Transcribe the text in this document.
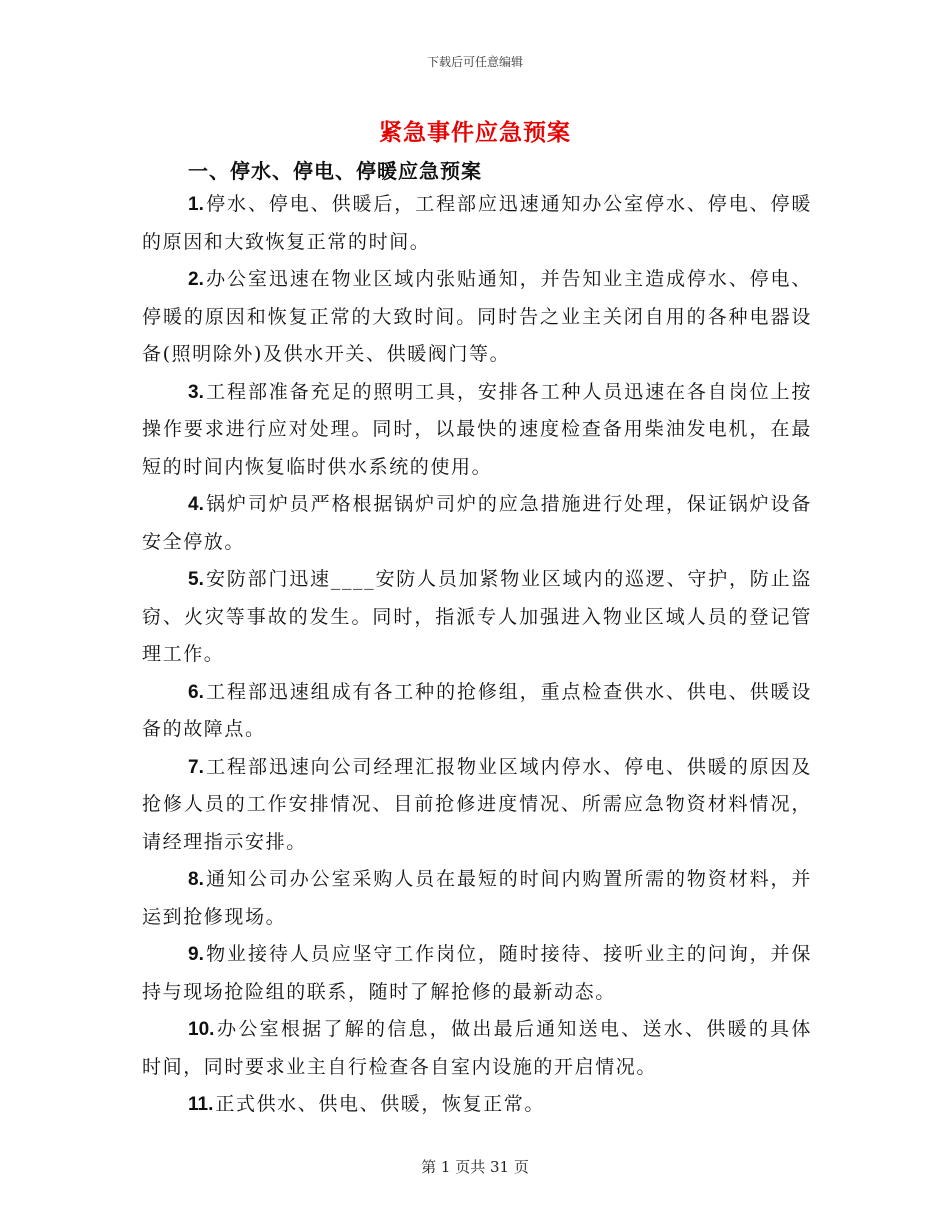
下载后可任意编辑
紧急事件应急预案
一、停水、停电、停暖应急预案

1. 停水、停电、供暖后，工程部应迅速通知办公室停水、停电、停暖的原因和大致恢复正常的时间。

2. 办公室迅速在物业区域内张贴通知，并告知业主造成停水、停电、停暖的原因和恢复正常的大致时间。同时告之业主关闭自用的各种电器设备(照明除外)及供水开关、供暖阀门等。

3. 工程部准备充足的照明工具，安排各工种人员迅速在各自岗位上按操作要求进行应对处理。同时，以最快的速度检查备用柴油发电机，在最短的时间内恢复临时供水系统的使用。

4. 锅炉司炉员严格根据锅炉司炉的应急措施进行处理，保证锅炉设备安全停放。

5. 安防部门迅速____安防人员加紧物业区域内的巡逻、守护，防止盗窃、火灾等事故的发生。同时，指派专人加强进入物业区域人员的登记管理工作。

6. 工程部迅速组成有各工种的抢修组，重点检查供水、供电、供暖设备的故障点。

7. 工程部迅速向公司经理汇报物业区域内停水、停电、供暖的原因及抢修人员的工作安排情况、目前抢修进度情况、所需应急物资材料情况，请经理指示安排。

8. 通知公司办公室采购人员在最短的时间内购置所需的物资材料，并运到抢修现场。

9. 物业接待人员应坚守工作岗位，随时接待、接听业主的问询，并保持与现场抢险组的联系，随时了解抢修的最新动态。

10. 办公室根据了解的信息，做出最后通知送电、送水、供暖的具体时间，同时要求业主自行检查各自室内设施的开启情况。

11. 正式供水、供电、供暖，恢复正常。

第 1 页共 31 页
